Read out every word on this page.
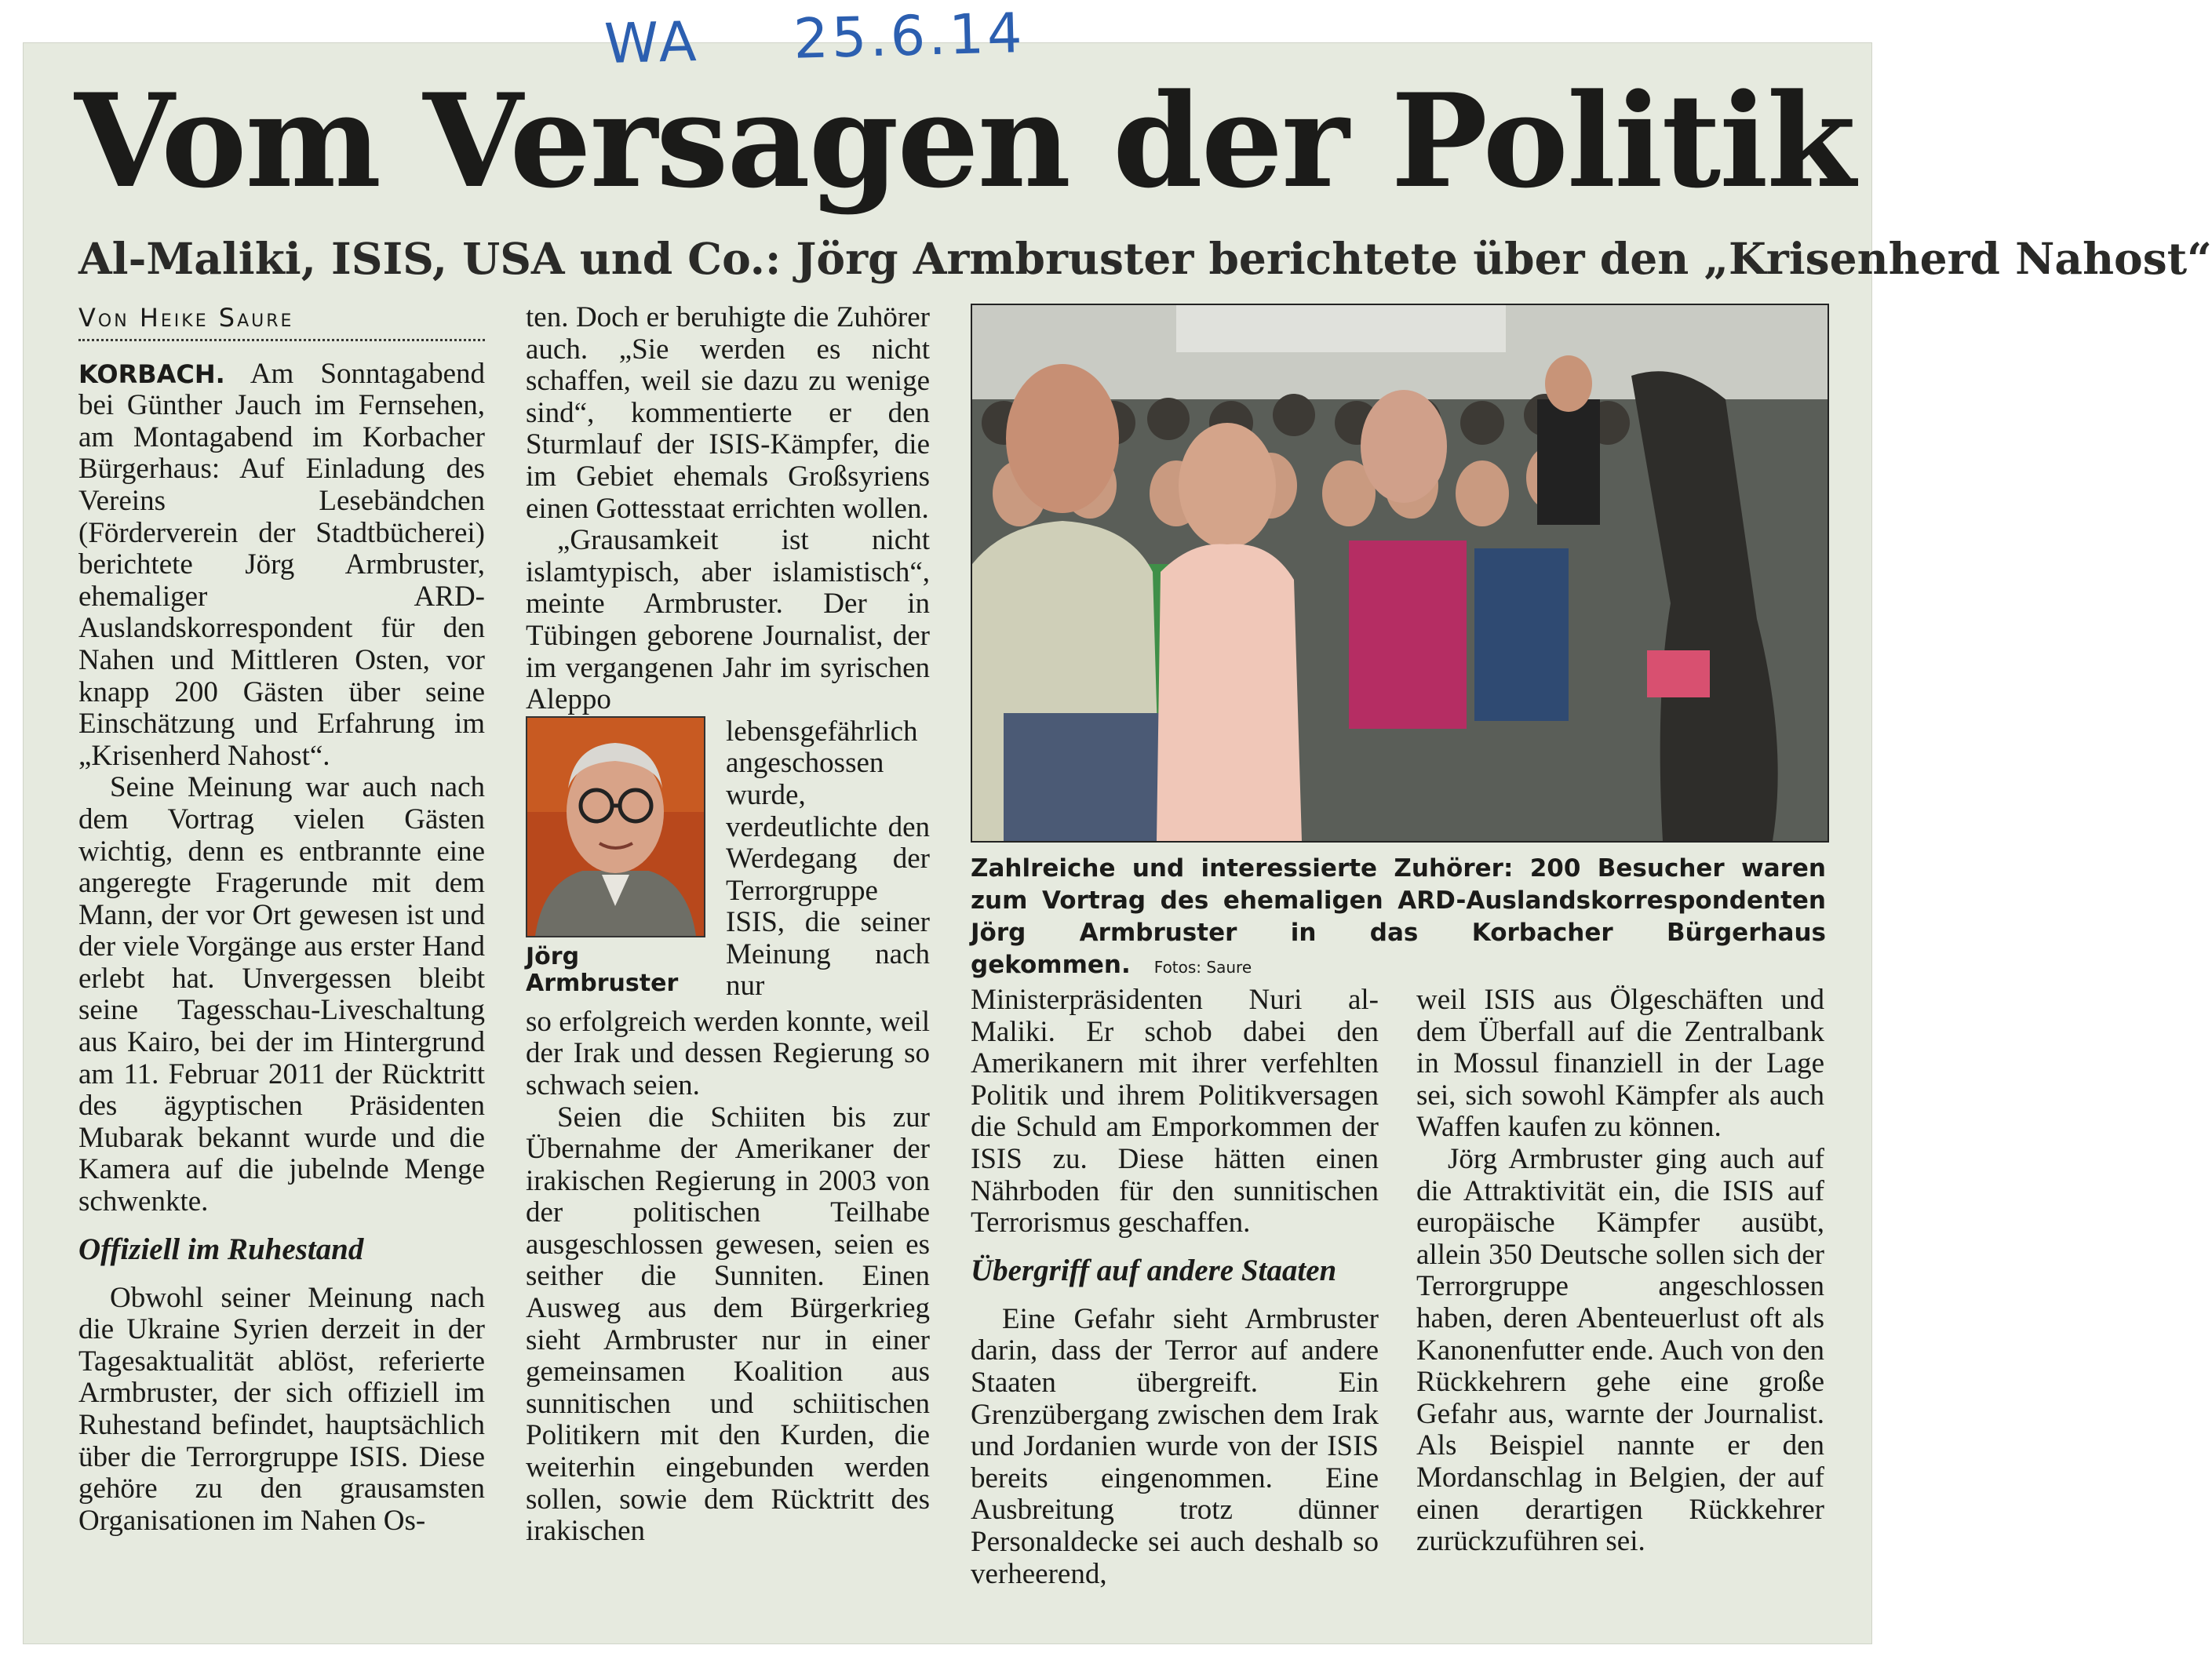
WA 25.6.14
Vom Versagen der Politik
Al-Maliki, ISIS, USA und Co.: Jörg Armbruster berichtete über den „Krisenherd Nahost“
Von Heike Saure

KORBACH. Am Sonntagabend bei Günther Jauch im Fernsehen, am Montagabend im Korbacher Bürgerhaus: Auf Einladung des Vereins Lesebändchen (Förderverein der Stadtbücherei) berichtete Jörg Armbruster, ehemaliger ARD-Auslandskorrespondent für den Nahen und Mittleren Osten, vor knapp 200 Gästen über seine Einschätzung und Erfahrung im „Krisenherd Nahost“.

Seine Meinung war auch nach dem Vortrag vielen Gästen wichtig, denn es entbrannte eine angeregte Fragerunde mit dem Mann, der vor Ort gewesen ist und der viele Vorgänge aus erster Hand erlebt hat. Unvergessen bleibt seine Tagesschau-Liveschaltung aus Kairo, bei der im Hintergrund am 11. Februar 2011 der Rücktritt des ägyptischen Präsidenten Mubarak bekannt wurde und die Kamera auf die jubelnde Menge schwenkte.

Offiziell im Ruhestand

Obwohl seiner Meinung nach die Ukraine Syrien derzeit in der Tagesaktualität ablöst, referierte Armbruster, der sich offiziell im Ruhestand befindet, hauptsächlich über die Terrorgruppe ISIS. Diese gehöre zu den grausamsten Organisationen im Nahen Os-

ten. Doch er beruhigte die Zuhörer auch. „Sie werden es nicht schaffen, weil sie dazu zu wenige sind“, kommentierte er den Sturmlauf der ISIS-Kämpfer, die im Gebiet ehemals Großsyriens einen Gottesstaat errichten wollen.

„Grausamkeit ist nicht islamtypisch, aber islamistisch“, meinte Armbruster. Der in Tübingen geborene Journalist, der im vergangenen Jahr im syrischen Aleppo

Jörg Armbruster
lebensgefährlich angeschossen wurde, verdeutlichte den Werdegang der Terrorgruppe ISIS, die seiner Meinung nach nur

so erfolgreich werden konnte, weil der Irak und dessen Regierung so schwach seien.

Seien die Schiiten bis zur Übernahme der Amerikaner der irakischen Regierung in 2003 von der politischen Teilhabe ausgeschlossen gewesen, seien es seither die Sunniten. Einen Ausweg aus dem Bürgerkrieg sieht Armbruster nur in einer gemeinsamen Koalition aus sunnitischen und schiitischen Politikern mit den Kurden, die weiterhin eingebunden werden sollen, sowie dem Rücktritt des irakischen

Zahlreiche und interessierte Zuhörer: 200 Besucher waren zum Vortrag des ehemaligen ARD-Auslandskorrespondenten Jörg Armbruster in das Korbacher Bürgerhaus gekommen. Fotos: Saure

Ministerpräsidenten Nuri al-Maliki. Er schob dabei den Amerikanern mit ihrer verfehlten Politik und ihrem Politikversagen die Schuld am Emporkommen der ISIS zu. Diese hätten einen Nährboden für den sunnitischen Terrorismus geschaffen.

Übergriff auf andere Staaten

Eine Gefahr sieht Armbruster darin, dass der Terror auf andere Staaten übergreift. Ein Grenzübergang zwischen dem Irak und Jordanien wurde von der ISIS bereits eingenommen. Eine Ausbreitung trotz dünner Personaldecke sei auch deshalb so verheerend,

weil ISIS aus Ölgeschäften und dem Überfall auf die Zentralbank in Mossul finanziell in der Lage sei, sich sowohl Kämpfer als auch Waffen kaufen zu können.

Jörg Armbruster ging auch auf die Attraktivität ein, die ISIS auf europäische Kämpfer ausübt, allein 350 Deutsche sollen sich der Terrorgruppe angeschlossen haben, deren Abenteuerlust oft als Kanonenfutter ende. Auch von den Rückkehrern gehe eine große Gefahr aus, warnte der Journalist. Als Beispiel nannte er den Mordanschlag in Belgien, der auf einen derartigen Rückkehrer zurückzuführen sei.
